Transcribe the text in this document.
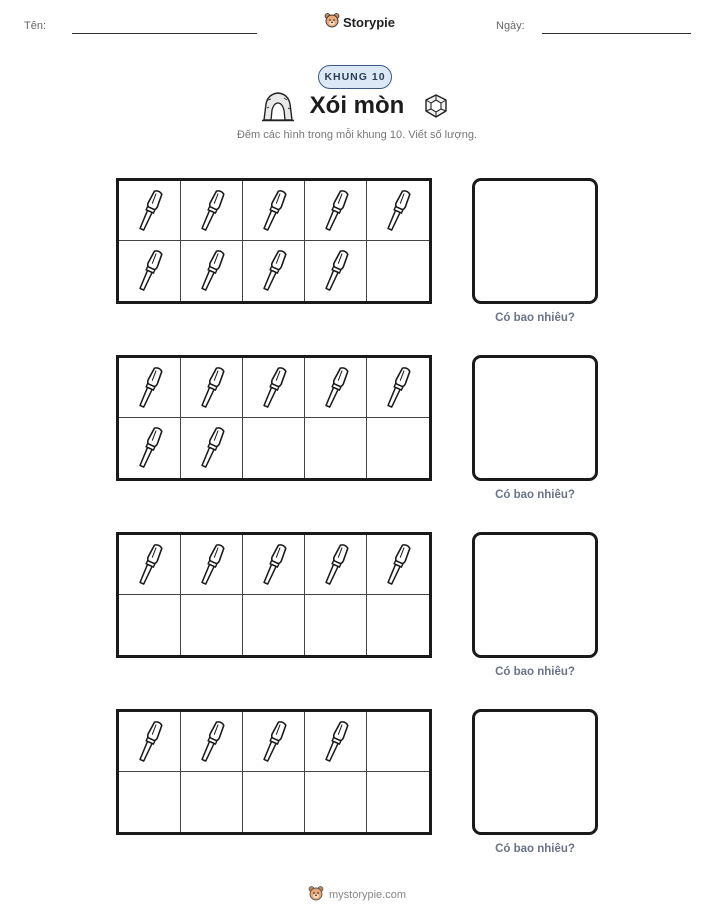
Tên:	Storypie	Ngày:
KHUNG 10
Xói mòn
Đếm các hình trong mỗi khung 10. Viết số lượng.
Có bao nhiêu?
Có bao nhiêu?
Có bao nhiêu?
Có bao nhiêu?
mystorypie.com
